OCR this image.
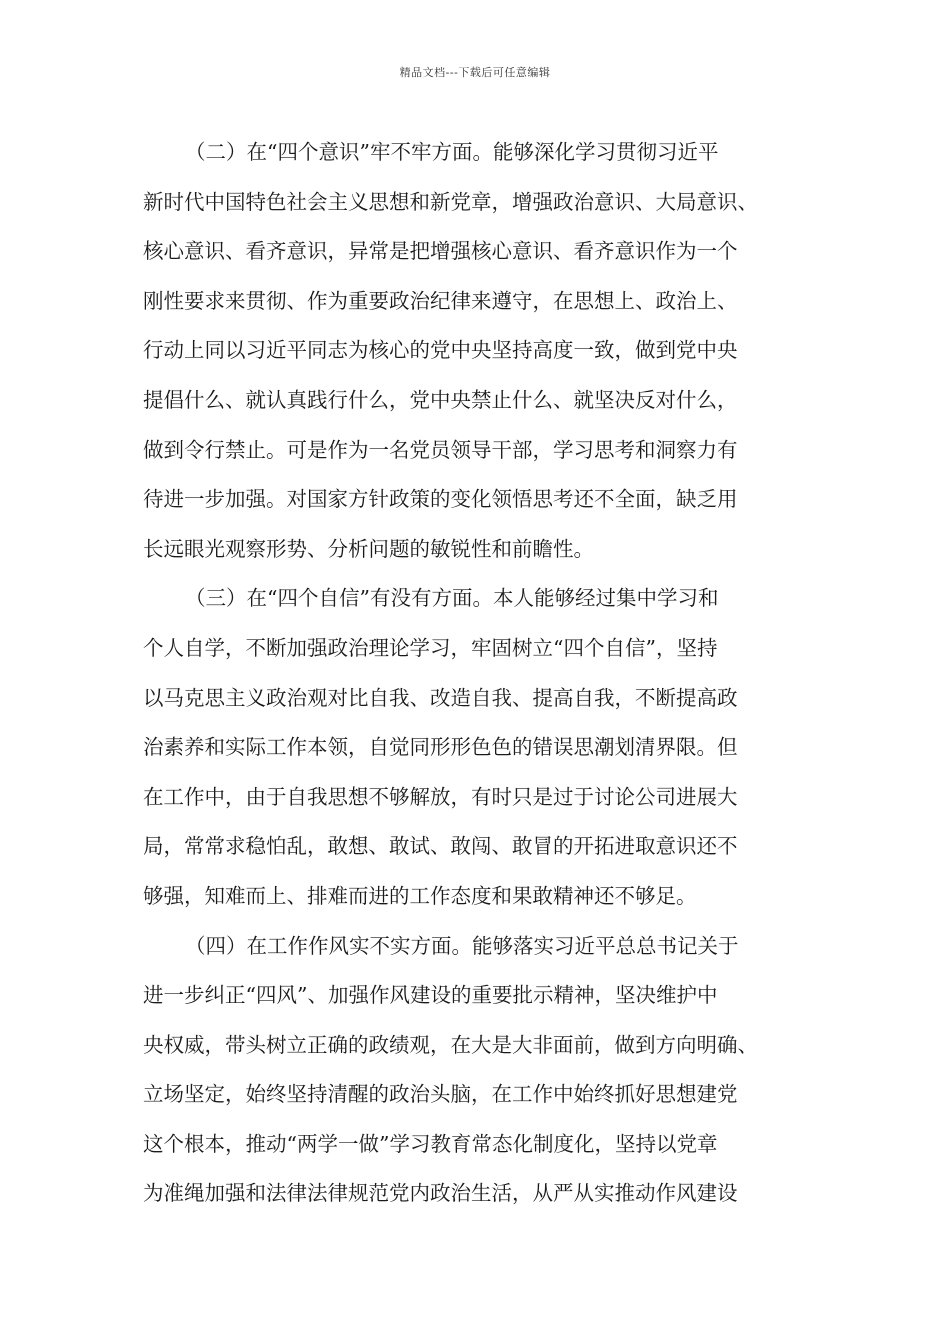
精品文档---下载后可任意编辑
（二）在“四个意识”牢不牢方面。能够深化学习贯彻习近平
新时代中国特色社会主义思想和新党章，增强政治意识、大局意识、
核心意识、看齐意识，异常是把增强核心意识、看齐意识作为一个
刚性要求来贯彻、作为重要政治纪律来遵守，在思想上、政治上、
行动上同以习近平同志为核心的党中央坚持高度一致，做到党中央
提倡什么、就认真践行什么，党中央禁止什么、就坚决反对什么，
做到令行禁止。可是作为一名党员领导干部，学习思考和洞察力有
待进一步加强。对国家方针政策的变化领悟思考还不全面，缺乏用
长远眼光观察形势、分析问题的敏锐性和前瞻性。
（三）在“四个自信”有没有方面。本人能够经过集中学习和
个人自学，不断加强政治理论学习，牢固树立“四个自信”，坚持
以马克思主义政治观对比自我、改造自我、提高自我，不断提高政
治素养和实际工作本领，自觉同形形色色的错误思潮划清界限。但
在工作中，由于自我思想不够解放，有时只是过于讨论公司进展大
局，常常求稳怕乱，敢想、敢试、敢闯、敢冒的开拓进取意识还不
够强，知难而上、排难而进的工作态度和果敢精神还不够足。
（四）在工作作风实不实方面。能够落实习近平总总书记关于
进一步纠正“四风”、加强作风建设的重要批示精神，坚决维护中
央权威，带头树立正确的政绩观，在大是大非面前，做到方向明确、
立场坚定，始终坚持清醒的政治头脑，在工作中始终抓好思想建党
这个根本，推动“两学一做”学习教育常态化制度化，坚持以党章
为准绳加强和法律法律规范党内政治生活，从严从实推动作风建设
